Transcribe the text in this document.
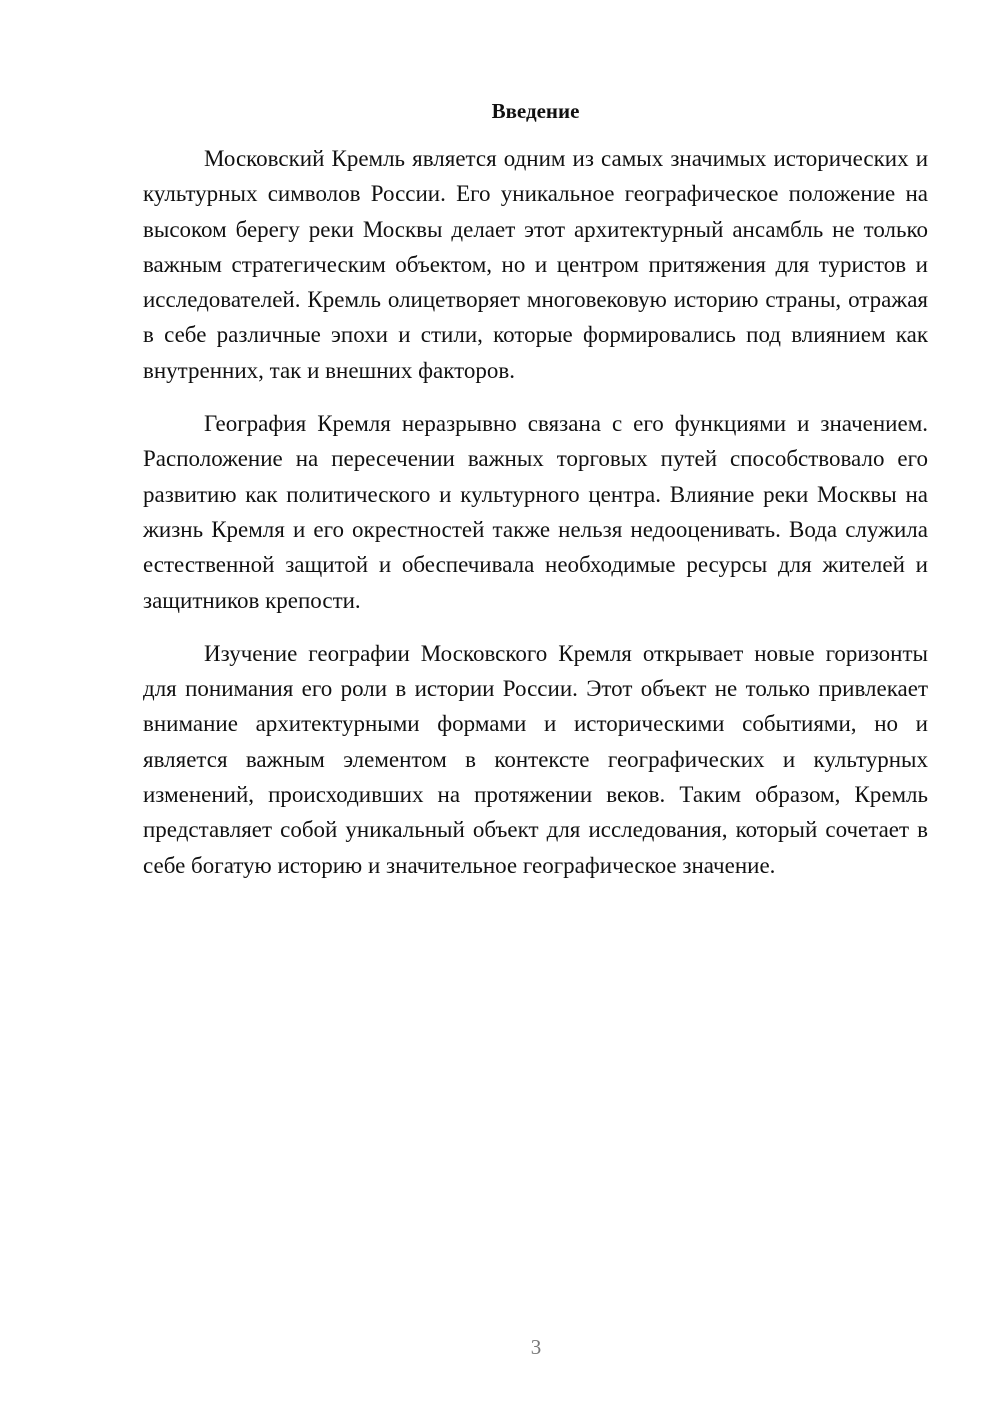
Введение

Московский Кремль является одним из самых значимых исторических и культурных символов России. Его уникальное географическое положение на высоком берегу реки Москвы делает этот архитектурный ансамбль не только важным стратегическим объектом, но и центром притяжения для туристов и исследователей. Кремль олицетворяет многовековую историю страны, отражая в себе различные эпохи и стили, которые формировались под влиянием как внутренних, так и внешних факторов.

География Кремля неразрывно связана с его функциями и значением. Расположение на пересечении важных торговых путей способствовало его развитию как политического и культурного центра. Влияние реки Москвы на жизнь Кремля и его окрестностей также нельзя недооценивать. Вода служила естественной защитой и обеспечивала необходимые ресурсы для жителей и защитников крепости.

Изучение географии Московского Кремля открывает новые горизонты для понимания его роли в истории России. Этот объект не только привлекает внимание архитектурными формами и историческими событиями, но и является важным элементом в контексте географических и культурных изменений, происходивших на протяжении веков. Таким образом, Кремль представляет собой уникальный объект для исследования, который сочетает в себе богатую историю и значительное географическое значение.

3
